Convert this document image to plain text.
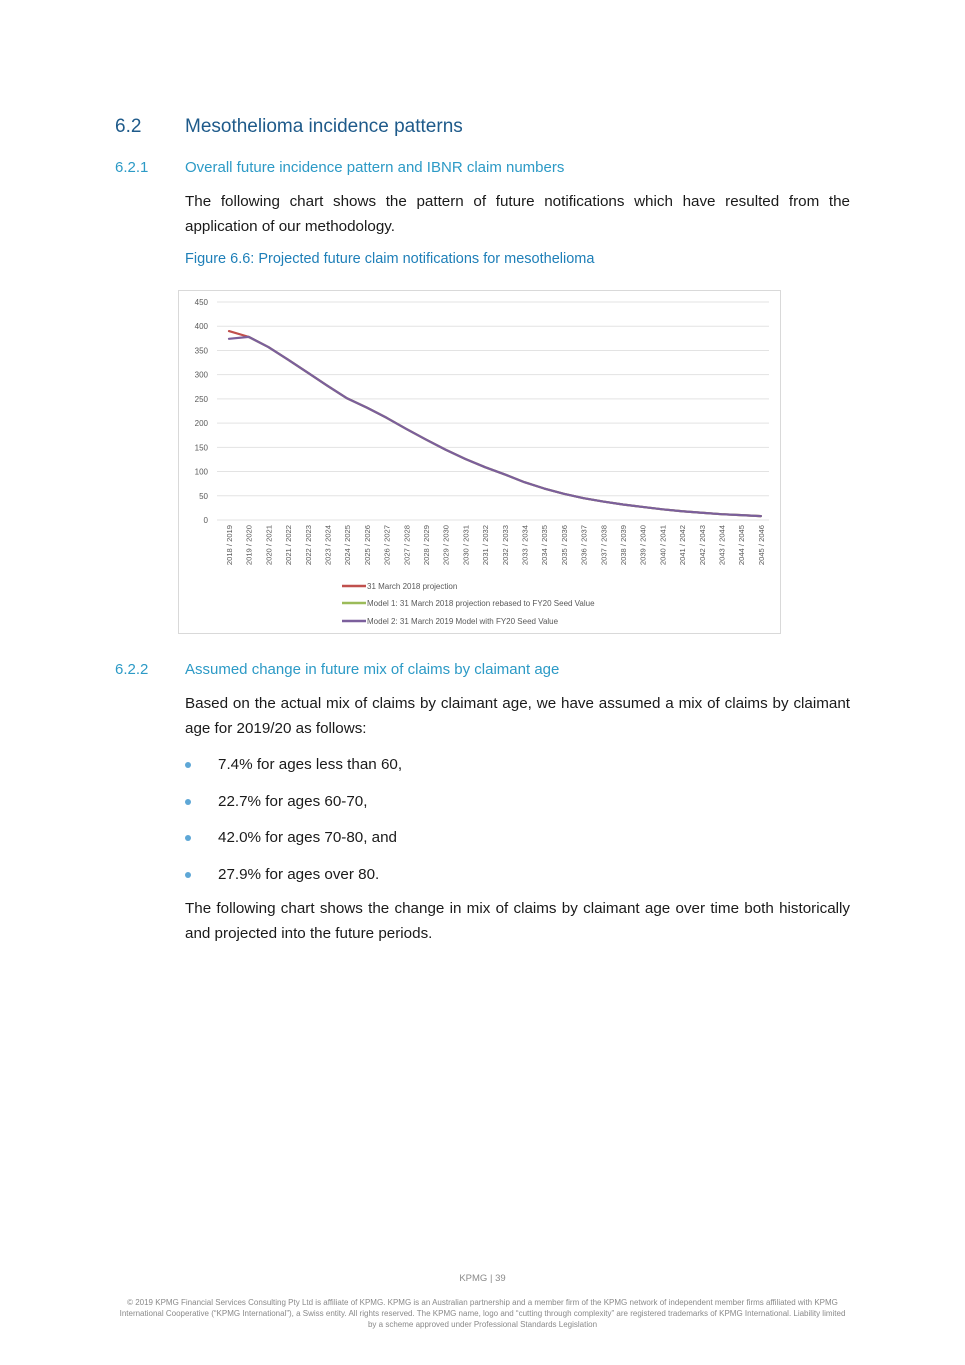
6.2 Mesothelioma incidence patterns
6.2.1 Overall future incidence pattern and IBNR claim numbers
The following chart shows the pattern of future notifications which have resulted from the application of our methodology.
Figure 6.6: Projected future claim notifications for mesothelioma
0
50
100
150
200
250
300
350
400
450
2018 / 2019 2019 / 2020 2020 / 2021 2021 / 2022 2022 / 2023 2023 / 2024 2024 / 2025 2025 / 2026 2026 / 2027 2027 / 2028 2028 / 2029 2029 / 2030 2030 / 2031 2031 / 2032 2032 / 2033 2033 / 2034 2034 / 2035 2035 / 2036 2036 / 2037 2037 / 2038 2038 / 2039 2039 / 2040 2040 / 2041 2041 / 2042 2042 / 2043 2043 / 2044 2044 / 2045 2045 / 2046
31 March 2018 projection
Model 1: 31 March 2018 projection rebased to FY20 Seed Value
Model 2: 31 March 2019 Model with FY20 Seed Value
6.2.2 Assumed change in future mix of claims by claimant age
Based on the actual mix of claims by claimant age, we have assumed a mix of claims by claimant age for 2019/20 as follows:
7.4% for ages less than 60,
22.7% for ages 60-70,
42.0% for ages 70-80, and
27.9% for ages over 80.
The following chart shows the change in mix of claims by claimant age over time both historically and projected into the future periods.
KPMG | 39
© 2019 KPMG Financial Services Consulting Pty Ltd is affiliate of KPMG. KPMG is an Australian partnership and a member firm of the KPMG network of independent member firms affiliated with KPMG International Cooperative (“KPMG International”), a Swiss entity. All rights reserved. The KPMG name, logo and “cutting through complexity” are registered trademarks of KPMG International. Liability limited by a scheme approved under Professional Standards Legislation
